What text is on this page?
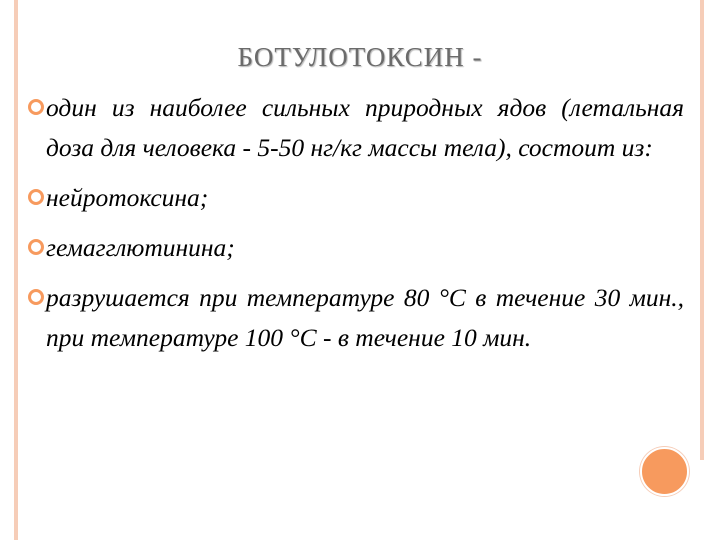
БОТУЛОТОКСИН -
один из наиболее сильных природных ядов (летальная доза для человека - 5-50 нг/кг массы тела), состоит из:
нейротоксина;
гемагглютинина;
разрушается при температуре 80 °С в течение 30 мин., при температуре 100 °С - в течение 10 мин.
